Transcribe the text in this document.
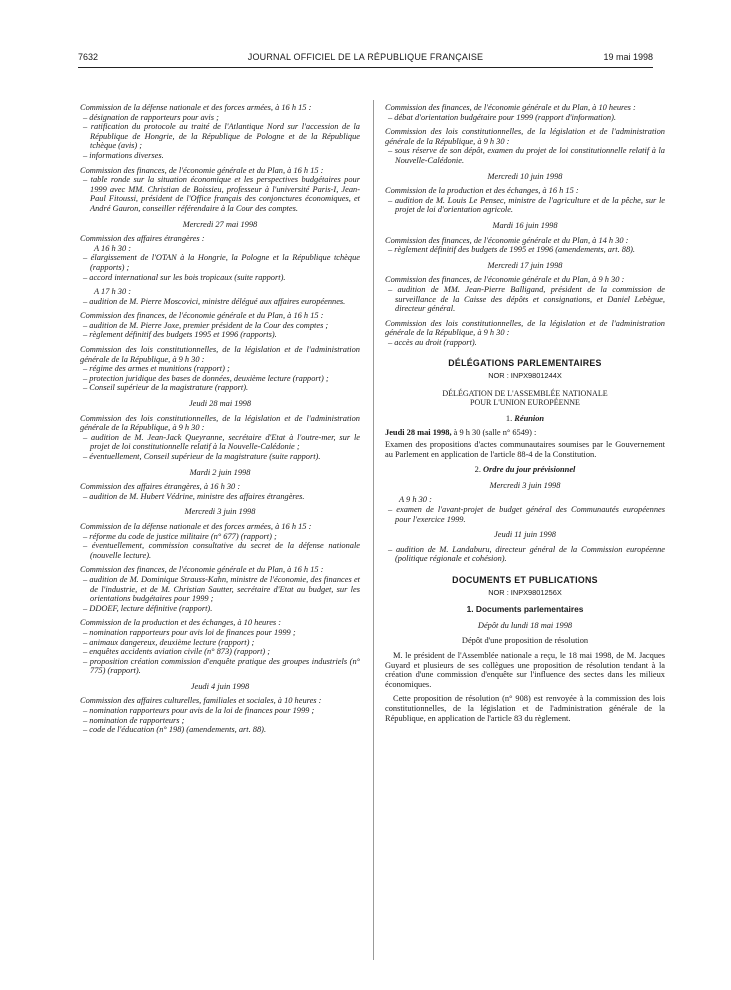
7632	JOURNAL OFFICIEL DE LA RÉPUBLIQUE FRANÇAISE	19 mai 1998
Commission de la défense nationale et des forces armées, à 16 h 15 :
– désignation de rapporteurs pour avis ;
– ratification du protocole au traité de l'Atlantique Nord sur l'accession de la République de Hongrie, de la République de Pologne et de la République tchèque (avis) ;
– informations diverses.
Commission des finances, de l'économie générale et du Plan, à 16 h 15 :
– table ronde sur la situation économique et les perspectives budgétaires pour 1999 avec MM. Christian de Boissieu, professeur à l'université Paris-I, Jean-Paul Fitoussi, président de l'Office français des conjonctures économiques, et André Gauron, conseiller référendaire à la Cour des comptes.
Mercredi 27 mai 1998
Commission des affaires étrangères :
A 16 h 30 :
– élargissement de l'OTAN à la Hongrie, la Pologne et la République tchèque (rapports) ;
– accord international sur les bois tropicaux (suite rapport).
A 17 h 30 :
– audition de M. Pierre Moscovici, ministre délégué aux affaires européennes.
Commission des finances, de l'économie générale et du Plan, à 16 h 15 :
– audition de M. Pierre Joxe, premier président de la Cour des comptes ;
– règlement définitif des budgets 1995 et 1996 (rapports).
Commission des lois constitutionnelles, de la législation et de l'administration générale de la République, à 9 h 30 :
– régime des armes et munitions (rapport) ;
– protection juridique des bases de données, deuxième lecture (rapport) ;
– Conseil supérieur de la magistrature (rapport).
Jeudi 28 mai 1998
Commission des lois constitutionnelles, de la législation et de l'administration générale de la République, à 9 h 30 :
– audition de M. Jean-Jack Queyranne, secrétaire d'Etat à l'outre-mer, sur le projet de loi constitutionnelle relatif à la Nouvelle-Calédonie ;
– éventuellement, Conseil supérieur de la magistrature (suite rapport).
Mardi 2 juin 1998
Commission des affaires étrangères, à 16 h 30 :
– audition de M. Hubert Védrine, ministre des affaires étrangères.
Mercredi 3 juin 1998
Commission de la défense nationale et des forces armées, à 16 h 15 :
– réforme du code de justice militaire (n° 677) (rapport) ;
– éventuellement, commission consultative du secret de la défense nationale (nouvelle lecture).
Commission des finances, de l'économie générale et du Plan, à 16 h 15 :
– audition de M. Dominique Strauss-Kahn, ministre de l'économie, des finances et de l'industrie, et de M. Christian Sautter, secrétaire d'Etat au budget, sur les orientations budgétaires pour 1999 ;
– DDOEF, lecture définitive (rapport).
Commission de la production et des échanges, à 10 heures :
– nomination rapporteurs pour avis loi de finances pour 1999 ;
– animaux dangereux, deuxième lecture (rapport) ;
– enquêtes accidents aviation civile (n° 873) (rapport) ;
– proposition création commission d'enquête pratique des groupes industriels (n° 775) (rapport).
Jeudi 4 juin 1998
Commission des affaires culturelles, familiales et sociales, à 10 heures :
– nomination rapporteurs pour avis de la loi de finances pour 1999 ;
– nomination de rapporteurs ;
– code de l'éducation (n° 198) (amendements, art. 88).
Commission des finances, de l'économie générale et du Plan, à 10 heures :
– débat d'orientation budgétaire pour 1999 (rapport d'information).
Commission des lois constitutionnelles, de la législation et de l'administration générale de la République, à 9 h 30 :
– sous réserve de son dépôt, examen du projet de loi constitutionnelle relatif à la Nouvelle-Calédonie.
Mercredi 10 juin 1998
Commission de la production et des échanges, à 16 h 15 :
– audition de M. Louis Le Pensec, ministre de l'agriculture et de la pêche, sur le projet de loi d'orientation agricole.
Mardi 16 juin 1998
Commission des finances, de l'économie générale et du Plan, à 14 h 30 :
– règlement définitif des budgets de 1995 et 1996 (amendements, art. 88).
Mercredi 17 juin 1998
Commission des finances, de l'économie générale et du Plan, à 9 h 30 :
– audition de MM. Jean-Pierre Balligand, président de la commission de surveillance de la Caisse des dépôts et consignations, et Daniel Lebègue, directeur général.
Commission des lois constitutionnelles, de la législation et de l'administration générale de la République, à 9 h 30 :
– accès au droit (rapport).
DÉLÉGATIONS PARLEMENTAIRES
NOR : INPX9801244X
DÉLÉGATION DE L'ASSEMBLÉE NATIONALE
POUR L'UNION EUROPÉENNE
1. Réunion
Jeudi 28 mai 1998, à 9 h 30 (salle n° 6549) :
Examen des propositions d'actes communautaires soumises par le Gouvernement au Parlement en application de l'article 88-4 de la Constitution.
2. Ordre du jour prévisionnel
Mercredi 3 juin 1998
A 9 h 30 :
– examen de l'avant-projet de budget général des Communautés européennes pour l'exercice 1999.
Jeudi 11 juin 1998
– audition de M. Landaburu, directeur général de la Commission européenne (politique régionale et cohésion).
DOCUMENTS ET PUBLICATIONS
NOR : INPX9801256X
1. Documents parlementaires
Dépôt du lundi 18 mai 1998
Dépôt d'une proposition de résolution
M. le président de l'Assemblée nationale a reçu, le 18 mai 1998, de M. Jacques Guyard et plusieurs de ses collègues une proposition de résolution tendant à la création d'une commission d'enquête sur l'influence des sectes dans les milieux économiques.
Cette proposition de résolution (n° 908) est renvoyée à la commission des lois constitutionnelles, de la législation et de l'administration générale de la République, en application de l'article 83 du règlement.
